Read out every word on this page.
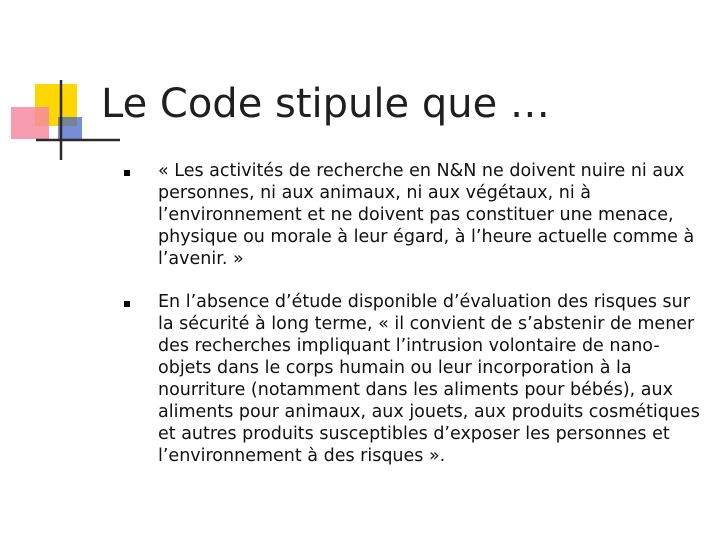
Le Code stipule que …
« Les activités de recherche en N&N ne doivent nuire ni aux personnes, ni aux animaux, ni aux végétaux, ni à l’environnement et ne doivent pas constituer une menace, physique ou morale à leur égard, à l’heure actuelle comme à l’avenir. »
En l’absence d’étude disponible d’évaluation des risques sur la sécurité à long terme, « il convient de s’abstenir de mener des recherches impliquant l’intrusion volontaire de nano-objets dans le corps humain ou leur incorporation à la nourriture (notamment dans les aliments pour bébés), aux aliments pour animaux, aux jouets, aux produits cosmétiques et autres produits susceptibles d’exposer les personnes et l’environnement à des risques ».
